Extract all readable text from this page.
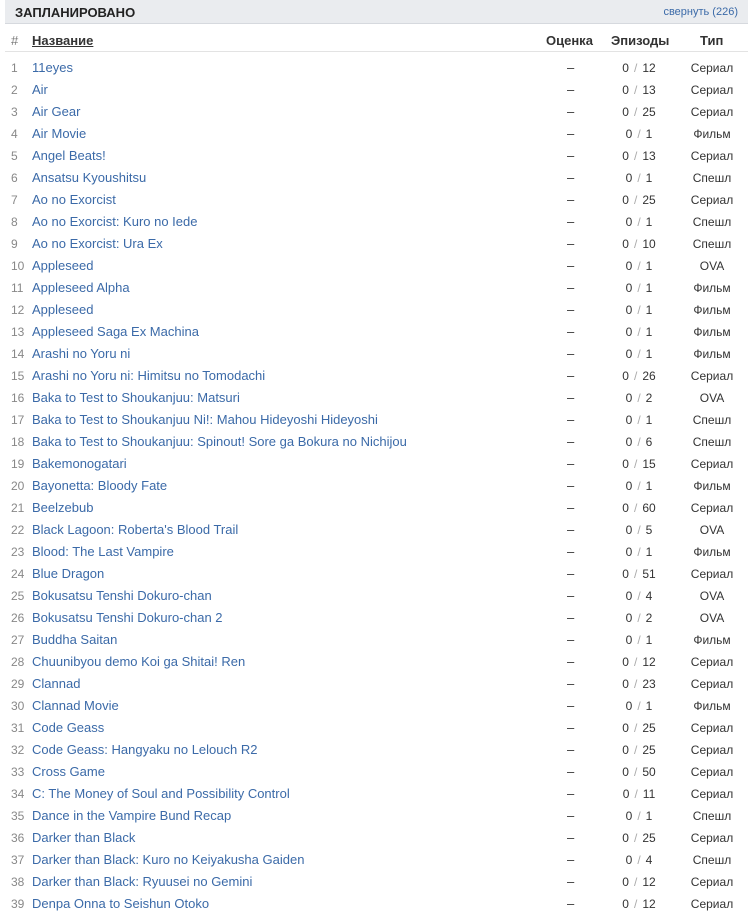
ЗАПЛАНИРОВАНО	свернуть (226)
# Название	Оценка Эпизоды Тип
1	11eyes	–	0 / 12	Сериал
2	Air	–	0 / 13	Сериал
3	Air Gear	–	0 / 25	Сериал
4	Air Movie	–	0 / 1	Фильм
5	Angel Beats!	–	0 / 13	Сериал
6	Ansatsu Kyoushitsu	–	0 / 1	Спешл
7	Ao no Exorcist	–	0 / 25	Сериал
8	Ao no Exorcist: Kuro no Iede	–	0 / 1	Спешл
9	Ao no Exorcist: Ura Ex	–	0 / 10	Спешл
10 Appleseed	–	0 / 1	OVA
11 Appleseed Alpha	–	0 / 1	Фильм
12 Appleseed	–	0 / 1	Фильм
13 Appleseed Saga Ex Machina	–	0 / 1	Фильм
14 Arashi no Yoru ni	–	0 / 1	Фильм
15 Arashi no Yoru ni: Himitsu no Tomodachi	–	0 / 26	Сериал
16 Baka to Test to Shoukanjuu: Matsuri	–	0 / 2	OVA
17 Baka to Test to Shoukanjuu Ni!: Mahou Hideyoshi Hideyoshi	–	0 / 1	Спешл
18 Baka to Test to Shoukanjuu: Spinout! Sore ga Bokura no Nichijou	–	0 / 6	Спешл
19 Bakemonogatari	–	0 / 15	Сериал
20 Bayonetta: Bloody Fate	–	0 / 1	Фильм
21 Beelzebub	–	0 / 60	Сериал
22 Black Lagoon: Roberta's Blood Trail	–	0 / 5	OVA
23 Blood: The Last Vampire	–	0 / 1	Фильм
24 Blue Dragon	–	0 / 51	Сериал
25 Bokusatsu Tenshi Dokuro-chan	–	0 / 4	OVA
26 Bokusatsu Tenshi Dokuro-chan 2	–	0 / 2	OVA
27 Buddha Saitan	–	0 / 1	Фильм
28 Chuunibyou demo Koi ga Shitai! Ren	–	0 / 12	Сериал
29 Clannad	–	0 / 23	Сериал
30 Clannad Movie	–	0 / 1	Фильм
31 Code Geass	–	0 / 25	Сериал
32 Code Geass: Hangyaku no Lelouch R2	–	0 / 25	Сериал
33 Cross Game	–	0 / 50	Сериал
34 C: The Money of Soul and Possibility Control	–	0 / 11	Сериал
35 Dance in the Vampire Bund Recap	–	0 / 1	Спешл
36 Darker than Black	–	0 / 25	Сериал
37 Darker than Black: Kuro no Keiyakusha Gaiden	–	0 / 4	Спешл
38 Darker than Black: Ryuusei no Gemini	–	0 / 12	Сериал
39 Denpa Onna to Seishun Otoko	–	0 / 12	Сериал
